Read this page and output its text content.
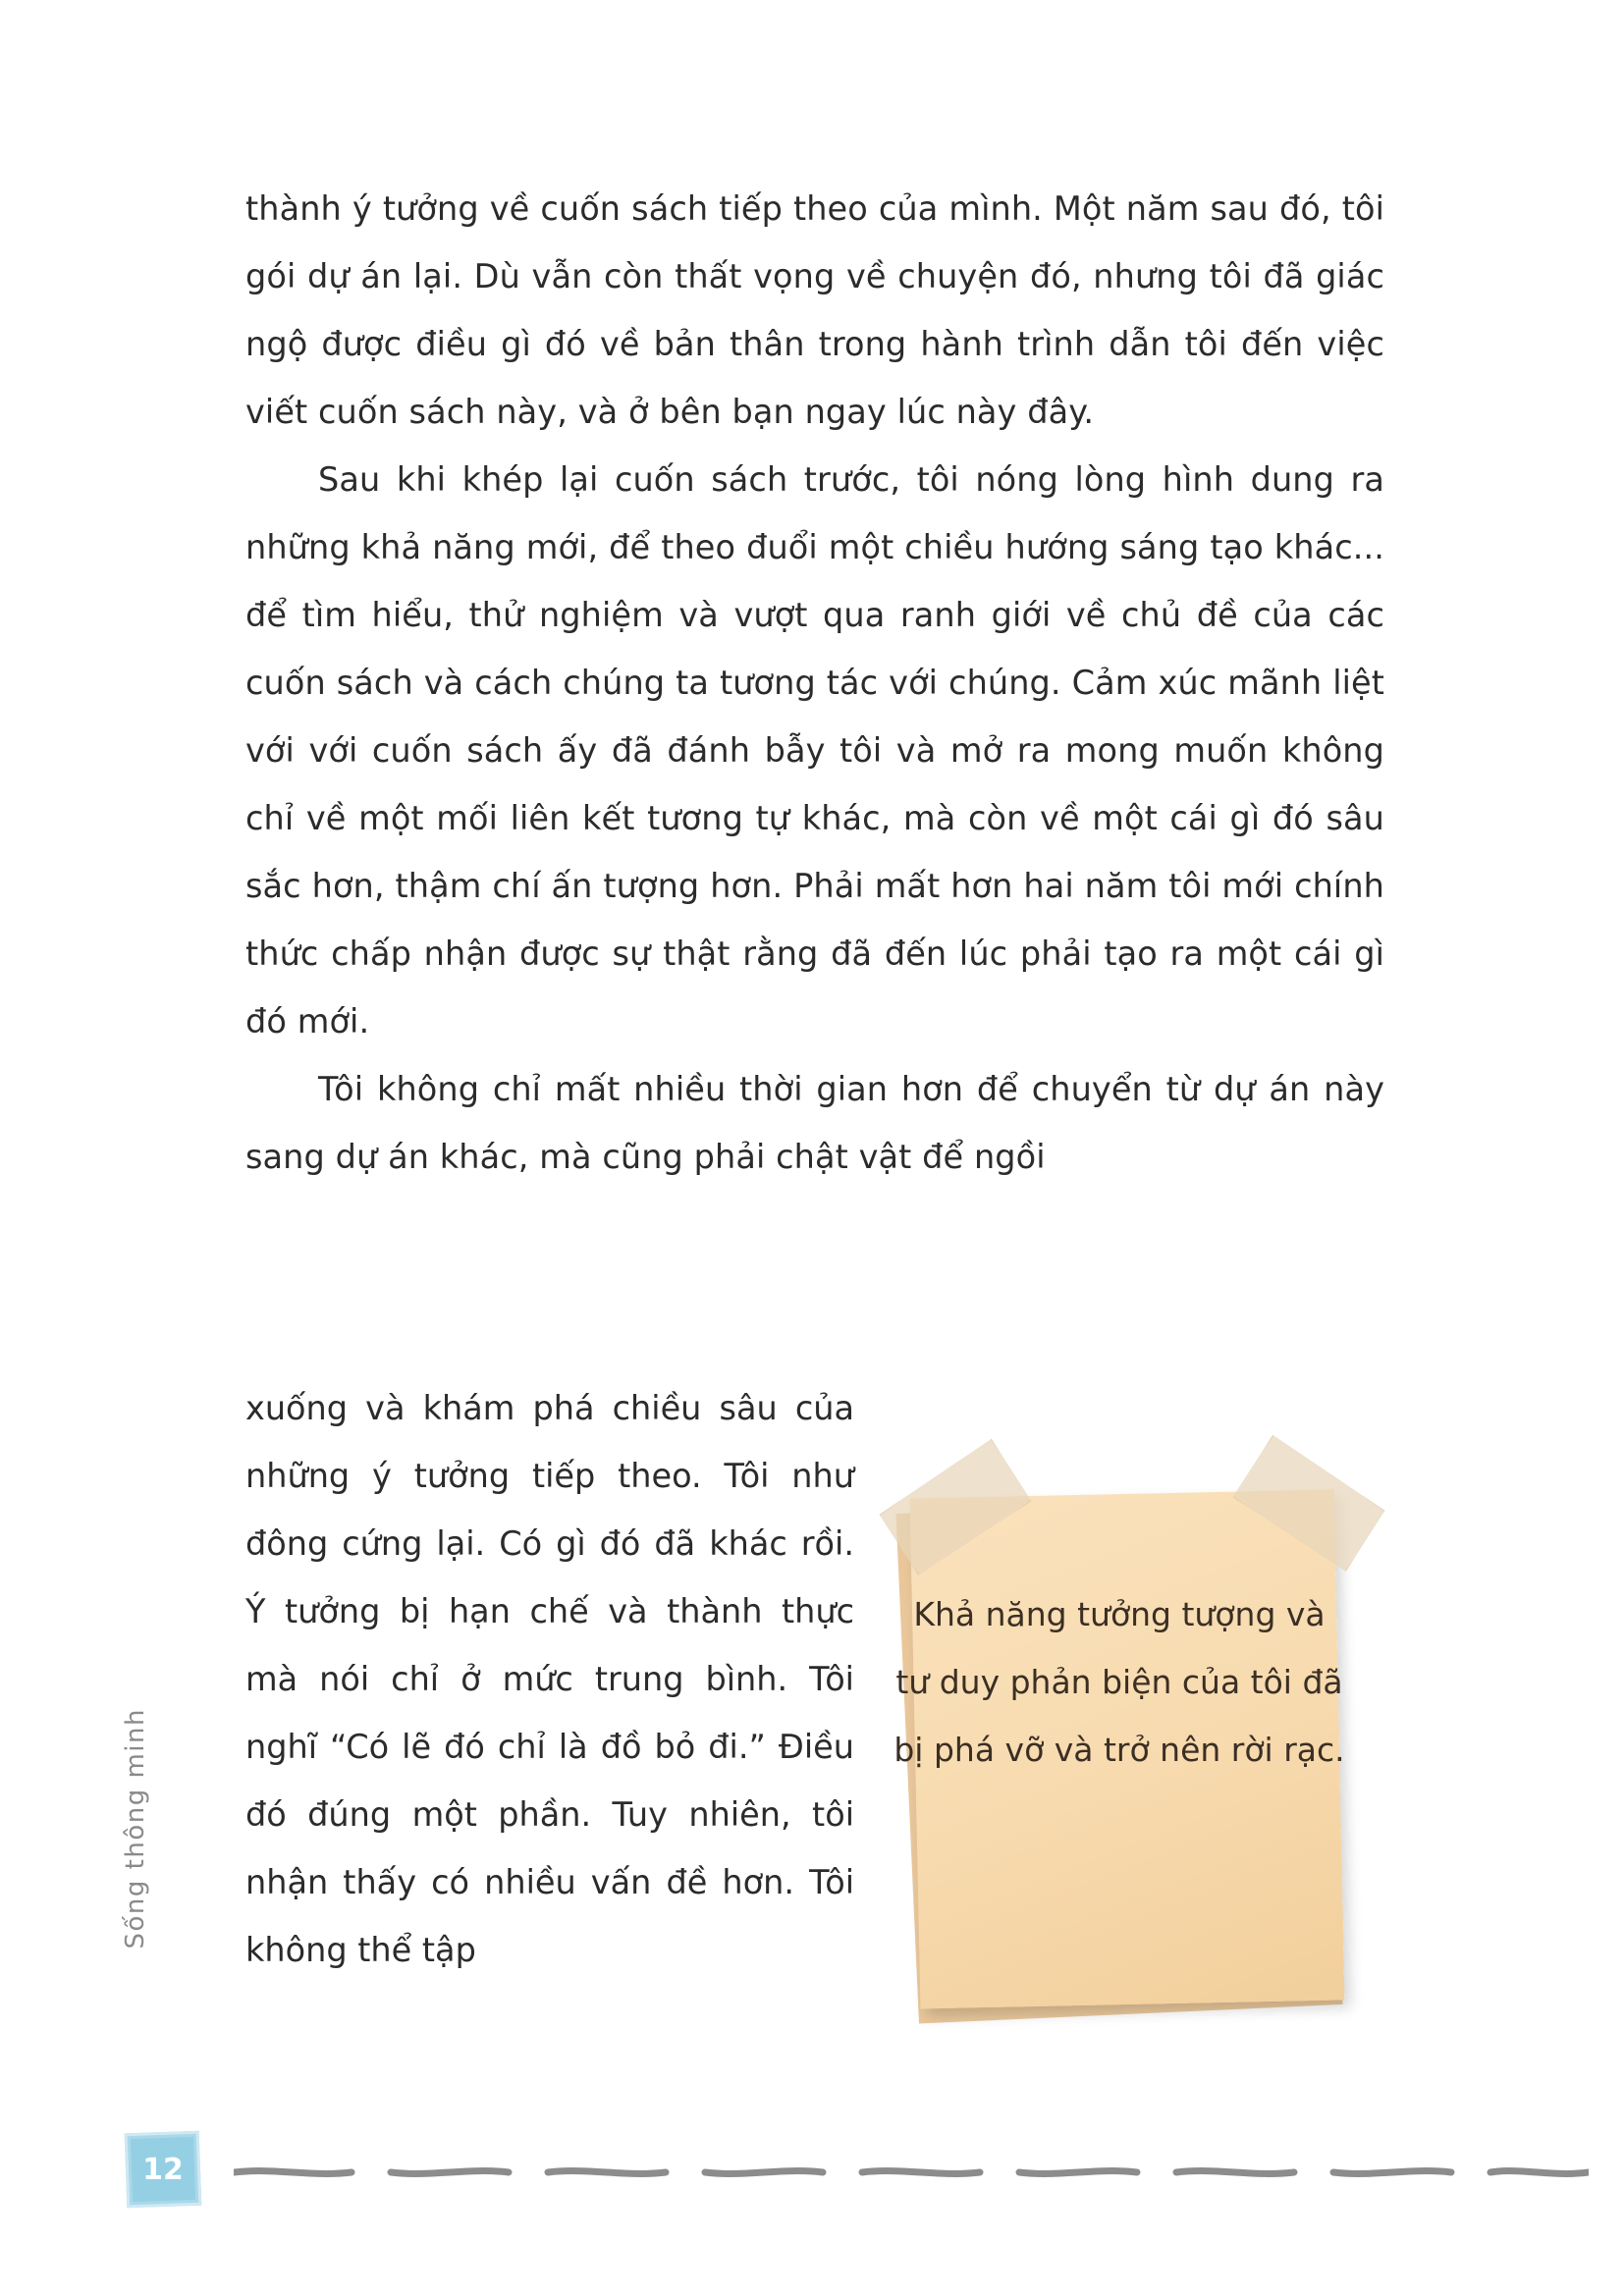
Sống thông minh

thành ý tưởng về cuốn sách tiếp theo của mình. Một năm sau đó, tôi gói dự án lại. Dù vẫn còn thất vọng về chuyện đó, nhưng tôi đã giác ngộ được điều gì đó về bản thân trong hành trình dẫn tôi đến việc viết cuốn sách này, và ở bên bạn ngay lúc này đây.

Sau khi khép lại cuốn sách trước, tôi nóng lòng hình dung ra những khả năng mới, để theo đuổi một chiều hướng sáng tạo khác... để tìm hiểu, thử nghiệm và vượt qua ranh giới về chủ đề của các cuốn sách và cách chúng ta tương tác với chúng. Cảm xúc mãnh liệt với với cuốn sách ấy đã đánh bẫy tôi và mở ra mong muốn không chỉ về một mối liên kết tương tự khác, mà còn về một cái gì đó sâu sắc hơn, thậm chí ấn tượng hơn. Phải mất hơn hai năm tôi mới chính thức chấp nhận được sự thật rằng đã đến lúc phải tạo ra một cái gì đó mới.

Tôi không chỉ mất nhiều thời gian hơn để chuyển từ dự án này sang dự án khác, mà cũng phải chật vật để ngồi

xuống và khám phá chiều sâu của những ý tưởng tiếp theo. Tôi như đông cứng lại. Có gì đó đã khác rồi. Ý tưởng bị hạn chế và thành thực mà nói chỉ ở mức trung bình. Tôi nghĩ “Có lẽ đó chỉ là đồ bỏ đi.” Điều đó đúng một phần. Tuy nhiên, tôi nhận thấy có nhiều vấn đề hơn. Tôi không thể tập

Khả năng tưởng tượng và tư duy phản biện của tôi đã bị phá vỡ và trở nên rời rạc.

12
